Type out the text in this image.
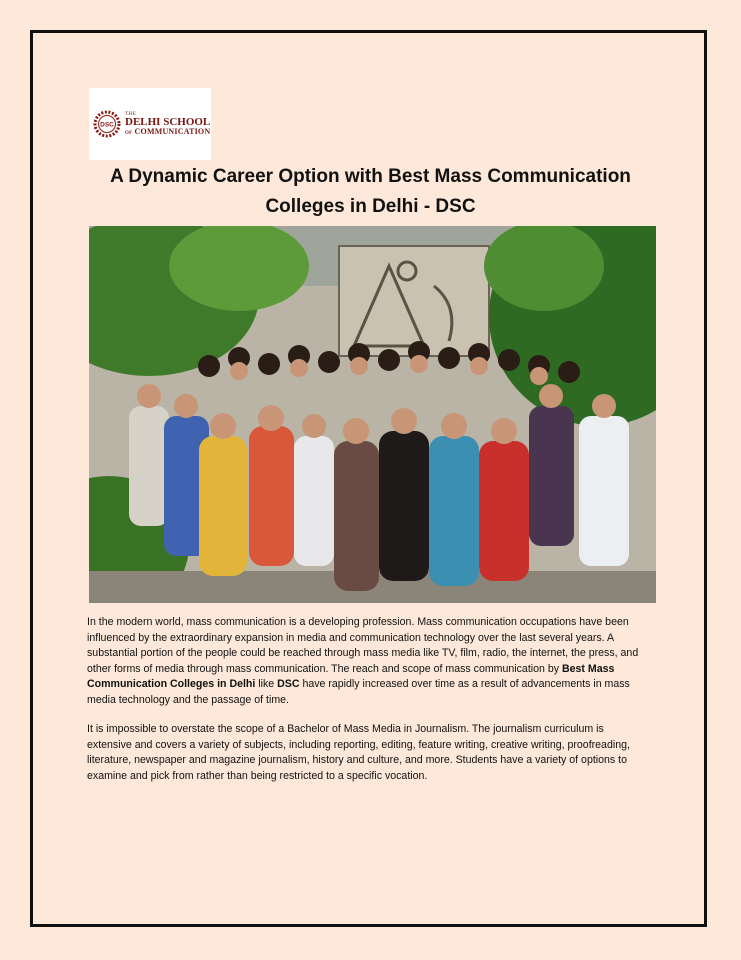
DSC
THE
DELHI SCHOOL
OF COMMUNICATION
A Dynamic Career Option with Best Mass Communication
Colleges in Delhi - DSC

In the modern world, mass communication is a developing profession. Mass communication occupations have been influenced by the extraordinary expansion in media and communication technology over the last several years. A substantial portion of the people could be reached through mass media like TV, film, radio, the internet, the press, and other forms of media through mass communication. The reach and scope of mass communication by Best Mass Communication Colleges in Delhi like DSC have rapidly increased over time as a result of advancements in mass media technology and the passage of time.

It is impossible to overstate the scope of a Bachelor of Mass Media in Journalism. The journalism curriculum is extensive and covers a variety of subjects, including reporting, editing, feature writing, creative writing, proofreading, literature, newspaper and magazine journalism, history and culture, and more. Students have a variety of options to examine and pick from rather than being restricted to a specific vocation.
